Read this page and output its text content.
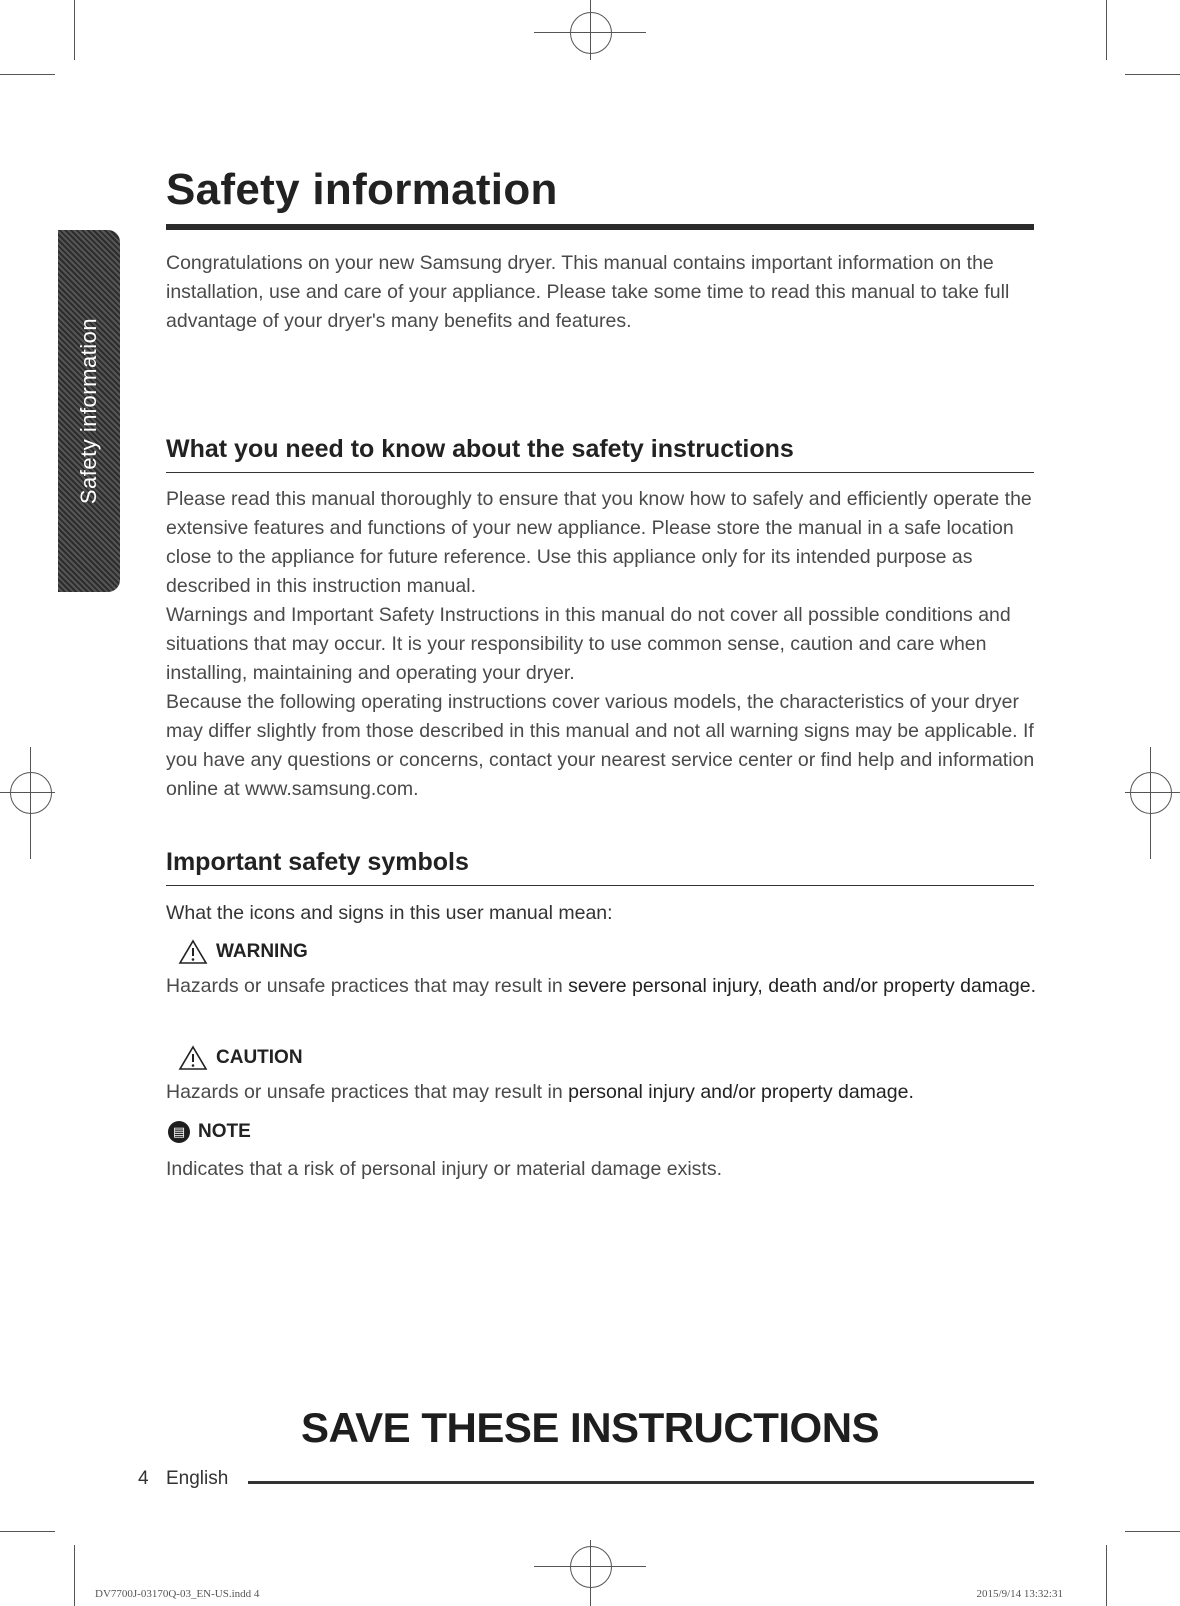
Safety information
Safety information

Congratulations on your new Samsung dryer. This manual contains important information on the installation, use and care of your appliance. Please take some time to read this manual to take full advantage of your dryer's many benefits and features.

What you need to know about the safety instructions

Please read this manual thoroughly to ensure that you know how to safely and efficiently operate the extensive features and functions of your new appliance. Please store the manual in a safe location close to the appliance for future reference. Use this appliance only for its intended purpose as described in this instruction manual.

Warnings and Important Safety Instructions in this manual do not cover all possible conditions and situations that may occur. It is your responsibility to use common sense, caution and care when installing, maintaining and operating your dryer.

Because the following operating instructions cover various models, the characteristics of your dryer may differ slightly from those described in this manual and not all warning signs may be applicable. If you have any questions or concerns, contact your nearest service center or find help and information online at www.samsung.com.

Important safety symbols

What the icons and signs in this user manual mean:

WARNING

Hazards or unsafe practices that may result in severe personal injury, death and/or property damage.

CAUTION

Hazards or unsafe practices that may result in personal injury and/or property damage.

▤ NOTE

Indicates that a risk of personal injury or material damage exists.

SAVE THESE INSTRUCTIONS
4 English
DV7700J-03170Q-03_EN-US.indd 4	2015/9/14 13:32:31
